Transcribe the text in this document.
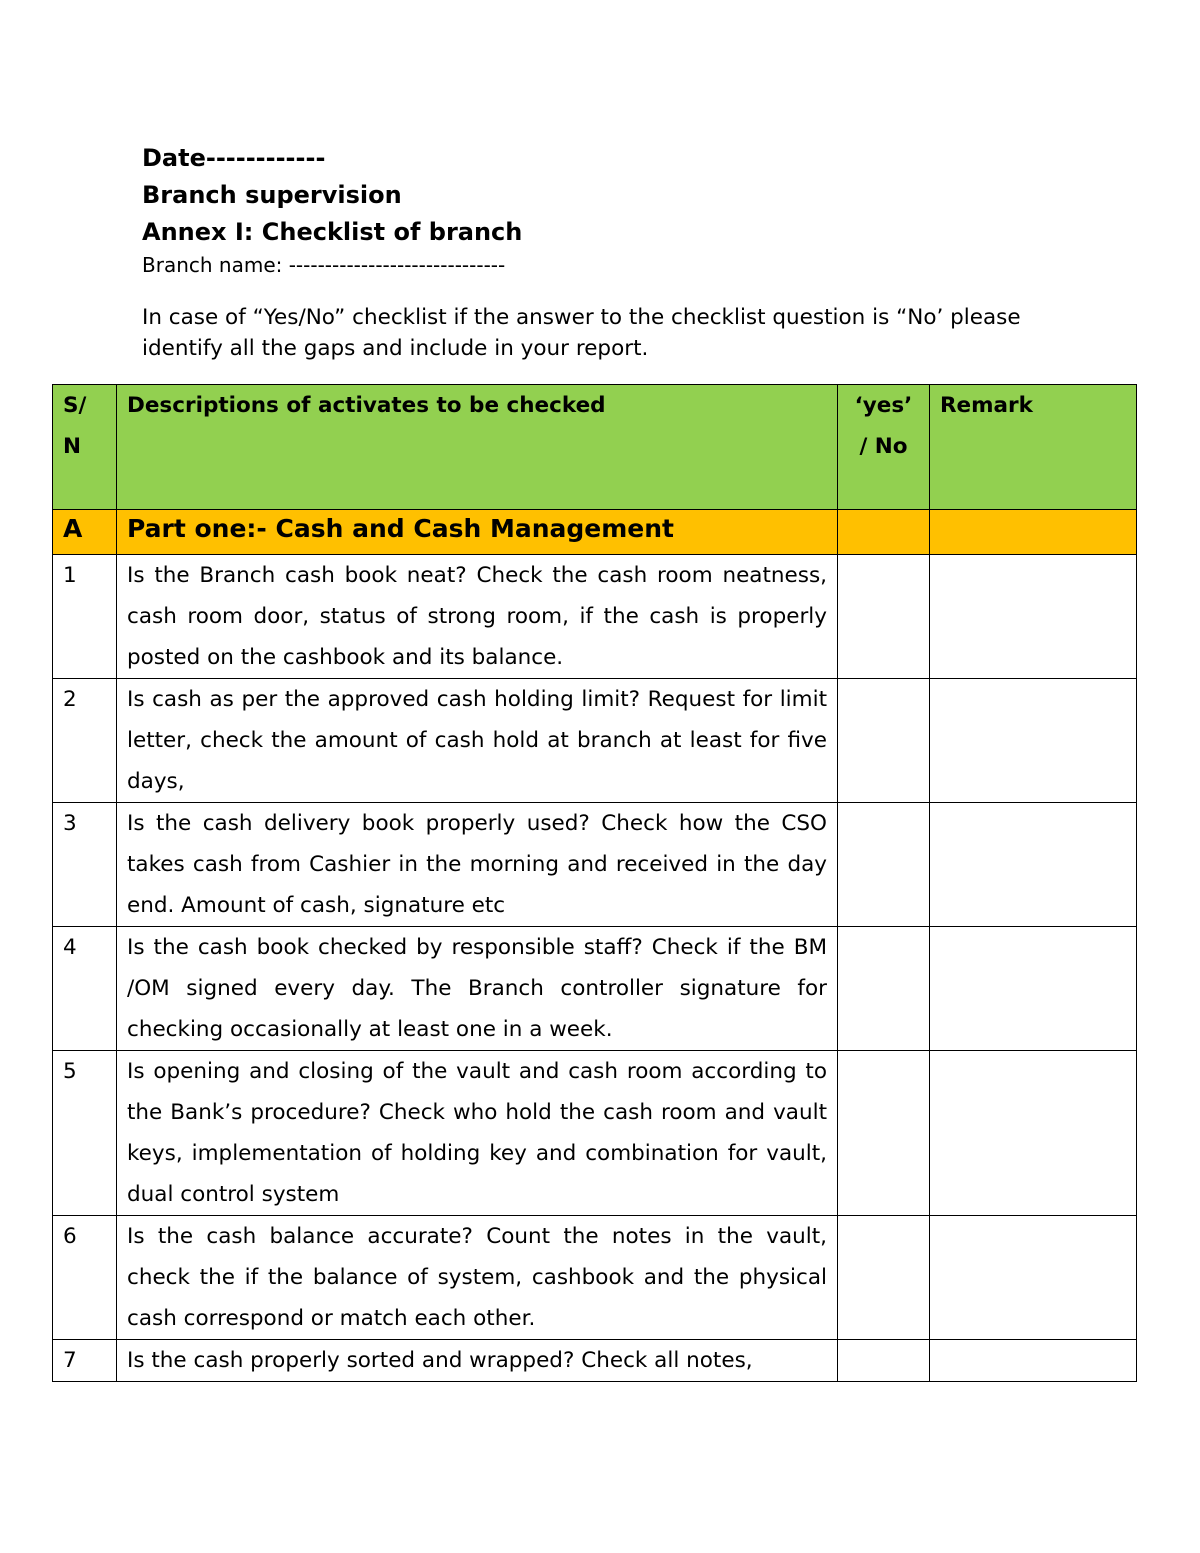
Date------------
Branch supervision
Annex I: Checklist of branch
Branch name: ------------------------------
In case of “Yes/No” checklist if the answer to the checklist question is “No’ please identify all the gaps and include in your report.
S/ N	Descriptions of activates to be checked	‘yes’ / No	Remark
A	Part one:- Cash and Cash Management		
1	Is the Branch cash book neat? Check the cash room neatness, cash room door, status of strong room, if the cash is properly posted on the cashbook and its balance.		
2	Is cash as per the approved cash holding limit? Request for limit letter, check the amount of cash hold at branch at least for five days,		
3	Is the cash delivery book properly used? Check how the CSO takes cash from Cashier in the morning and received in the day end. Amount of cash, signature etc		
4	Is the cash book checked by responsible staff? Check if the BM /OM signed every day. The Branch controller signature for checking occasionally at least one in a week.		
5	Is opening and closing of the vault and cash room according to the Bank’s procedure? Check who hold the cash room and vault keys, implementation of holding key and combination for vault, dual control system		
6	Is the cash balance accurate? Count the notes in the vault, check the if the balance of system, cashbook and the physical cash correspond or match each other.		
7	Is the cash properly sorted and wrapped? Check all notes,		
